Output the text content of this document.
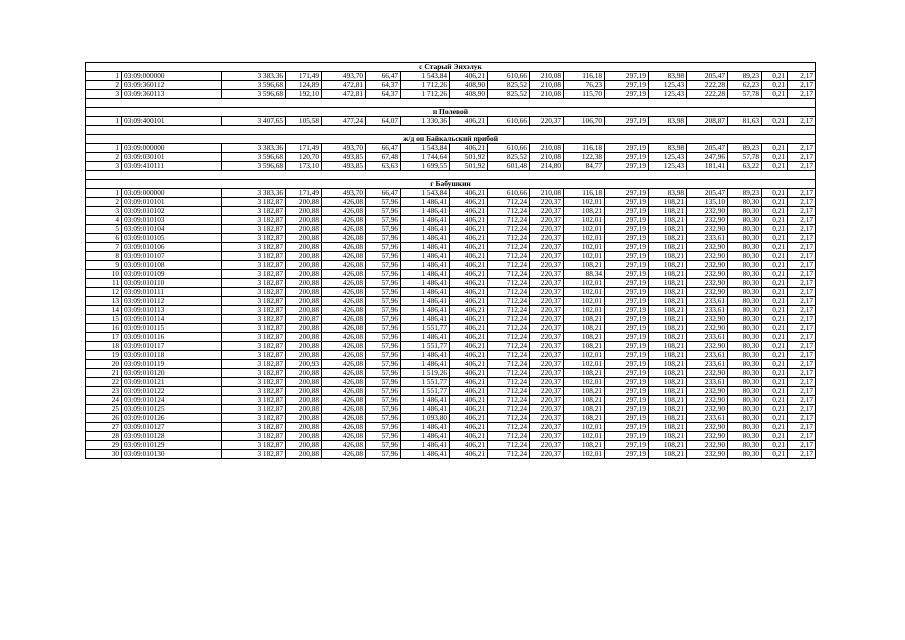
с Старый Энхэлук																
1	03:09:000000	3 383,36	171,49	493,70	66,47	1 543,84	406,21	610,66	210,08	116,18	297,19	83,98	205,47	89,23	0,21	2,17
2	03:09:360112	3 596,68	124,89	472,81	64,37	1 712,26	408,90	825,52	210,08	76,23	297,19	125,43	222,28	62,23	0,21	2,17
3	03:09:360113	3 596,68	192,10	472,81	64,37	1 712,26	408,90	825,52	210,08	115,70	297,19	125,43	222,28	57,78	0,21	2,17

п Полевой																
1	03:09:400101	3 407,65	105,58	477,24	64,07	1 330,36	406,21	610,66	220,37	106,70	297,19	83,98	208,87	81,63	0,21	2,17

ж/д оп Байкальский прибой																
1	03:09:000000	3 383,36	171,49	493,70	66,47	1 543,84	406,21	610,66	210,08	116,18	297,19	83,98	205,47	89,23	0,21	2,17
2	03:09:030101	3 596,68	120,70	493,85	67,48	1 744,64	501,92	825,52	210,08	122,38	297,19	125,43	247,96	57,78	0,21	2,17
3	03:09:410111	3 596,68	173,10	493,85	63,63	1 699,55	501,92	601,48	214,80	84,77	297,19	125,43	181,41	63,22	0,21	2,17

г Бабушкин																
1	03:09:000000	3 383,36	171,49	493,70	66,47	1 543,84	406,21	610,66	210,08	116,18	297,19	83,98	205,47	89,23	0,21	2,17
2	03:09:010101	3 182,87	200,88	426,08	57,96	1 486,41	406,21	712,24	220,37	102,01	297,19	108,21	135,10	80,30	0,21	2,17
3	03:09:010102	3 182,87	200,88	426,08	57,96	1 486,41	406,21	712,24	220,37	108,21	297,19	108,21	232,90	80,30	0,21	2,17
4	03:09:010103	3 182,87	200,88	426,08	57,96	1 486,41	406,21	712,24	220,37	102,01	297,19	108,21	232,90	80,30	0,21	2,17
5	03:09:010104	3 182,87	200,88	426,08	57,96	1 486,41	406,21	712,24	220,37	102,01	297,19	108,21	232,90	80,30	0,21	2,17
6	03:09:010105	3 182,87	200,88	426,08	57,96	1 486,41	406,21	712,24	220,37	102,01	297,19	108,21	233,61	80,30	0,21	2,17
7	03:09:010106	3 182,87	200,88	426,08	57,96	1 486,41	406,21	712,24	220,37	102,01	297,19	108,21	232,90	80,30	0,21	2,17
8	03:09:010107	3 182,87	200,88	426,08	57,96	1 486,41	406,21	712,24	220,37	102,01	297,19	108,21	232,90	80,30	0,21	2,17
9	03:09:010108	3 182,87	200,88	426,08	57,96	1 486,41	406,21	712,24	220,37	108,21	297,19	108,21	232,90	80,30	0,21	2,17
10	03:09:010109	3 182,87	200,88	426,08	57,96	1 486,41	406,21	712,24	220,37	88,34	297,19	108,21	232,90	80,30	0,21	2,17
11	03:09:010110	3 182,87	200,88	426,08	57,96	1 486,41	406,21	712,24	220,37	102,01	297,19	108,21	232,90	80,30	0,21	2,17
12	03:09:010111	3 182,87	200,88	426,08	57,96	1 486,41	406,21	712,24	220,37	102,01	297,19	108,21	232,90	80,30	0,21	2,17
13	03:09:010112	3 182,87	200,88	426,08	57,96	1 486,41	406,21	712,24	220,37	102,01	297,19	108,21	233,61	80,30	0,21	2,17
14	03:09:010113	3 182,87	200,88	426,08	57,96	1 486,41	406,21	712,24	220,37	102,01	297,19	108,21	233,61	80,30	0,21	2,17
15	03:09:010114	3 182,87	200,87	426,08	57,96	1 486,41	406,21	712,24	220,37	108,21	297,19	108,21	232,90	80,30	0,21	2,17
16	03:09:010115	3 182,87	200,88	426,08	57,96	1 551,77	406,21	712,24	220,37	108,21	297,19	108,21	232,90	80,30	0,21	2,17
17	03:09:010116	3 182,87	200,88	426,08	57,96	1 486,41	406,21	712,24	220,37	108,21	297,19	108,21	233,61	80,30	0,21	2,17
18	03:09:010117	3 182,87	200,88	426,08	57,96	1 551,77	406,21	712,24	220,37	108,21	297,19	108,21	232,90	80,30	0,21	2,17
19	03:09:010118	3 182,87	200,88	426,08	57,96	1 486,41	406,21	712,24	220,37	102,01	297,19	108,21	233,61	80,30	0,21	2,17
20	03:09:010119	3 182,87	200,93	426,08	57,96	1 486,41	406,21	712,24	220,37	102,01	297,19	108,21	233,61	80,30	0,21	2,17
21	03:09:010120	3 182,87	200,88	426,08	57,96	1 519,26	406,21	712,24	220,37	108,21	297,19	108,21	232,90	80,30	0,21	2,17
22	03:09:010121	3 182,87	200,88	426,08	57,96	1 551,77	406,21	712,24	220,37	102,01	297,19	108,21	233,61	80,30	0,21	2,17
23	03:09:010122	3 182,87	200,88	426,08	57,96	1 551,77	406,21	712,24	220,37	108,21	297,19	108,21	232,90	80,30	0,21	2,17
24	03:09:010124	3 182,87	200,88	426,08	57,96	1 486,41	406,21	712,24	220,37	108,21	297,19	108,21	232,90	80,30	0,21	2,17
25	03:09:010125	3 182,87	200,88	426,08	57,96	1 486,41	406,21	712,24	220,37	108,21	297,19	108,21	232,90	80,30	0,21	2,17
26	03:09:010126	3 182,87	200,88	426,08	57,96	1 093,80	406,21	712,24	220,37	108,21	297,19	108,21	233,61	80,30	0,21	2,17
27	03:09:010127	3 182,87	200,88	426,08	57,96	1 486,41	406,21	712,24	220,37	102,01	297,19	108,21	232,90	80,30	0,21	2,17
28	03:09:010128	3 182,87	200,88	426,08	57,96	1 486,41	406,21	712,24	220,37	102,01	297,19	108,21	232,90	80,30	0,21	2,17
29	03:09:010129	3 182,87	200,88	426,08	57,96	1 486,41	406,21	712,24	220,37	108,21	297,19	108,21	232,90	80,30	0,21	2,17
30	03:09:010130	3 182,87	200,88	426,08	57,96	1 486,41	406,21	712,24	220,37	102,01	297,19	108,21	232,90	80,30	0,21	2,17
